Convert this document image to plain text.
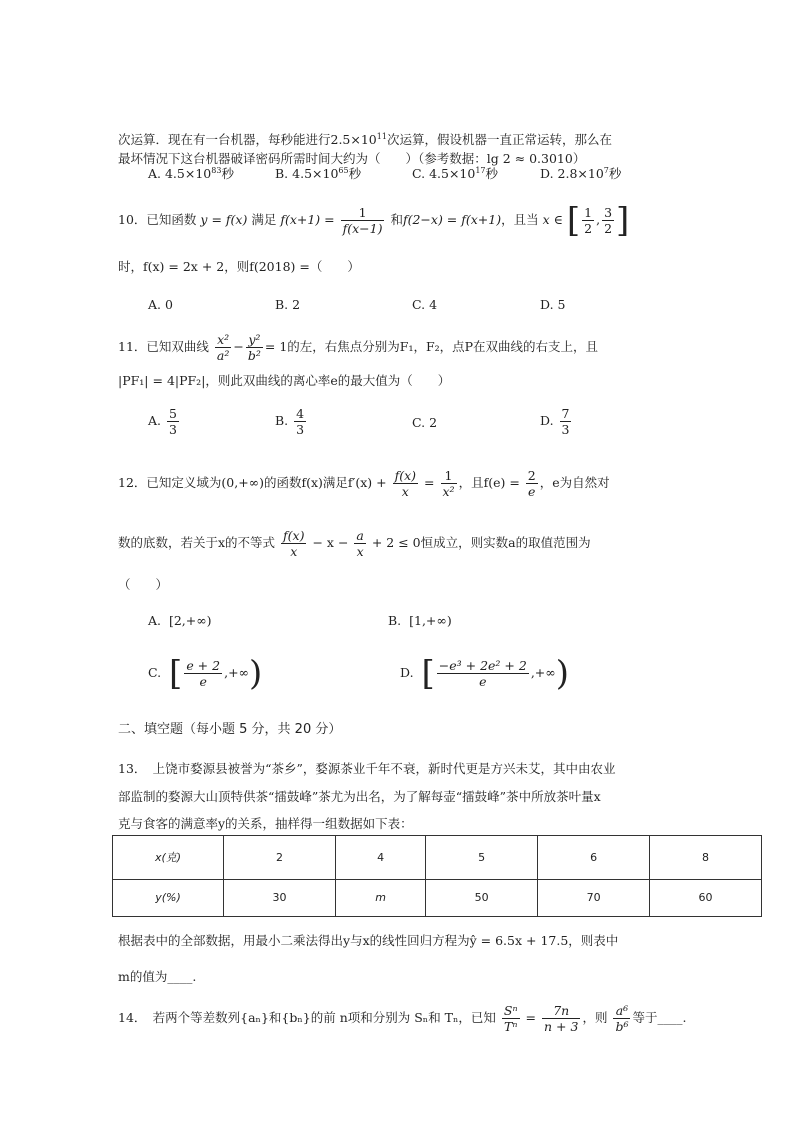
次运算．现在有一台机器，每秒能进行$2.5\times 10^{11}$次运算，假设机器一直正常运转，那么在
最坏情况下这台机器破译密码所需时间大约为（　　）（参考数据：lg 2 ≈ 0.3010）
A. $4.5\times 10^{83}$秒	B. $4.5\times 10^{65}$秒	C. $4.5\times 10^{17}$秒	D. $2.8\times 10^7$秒
10．已知函数 y = f(x) 满足 $f(x+1) = \frac{1}{f(x-1)}$ 和f(2−x) = f(x+1)，且当 x ∈ [ $\frac{1}{2}$ , $\frac{3}{2}$ ]
时，f(x) = 2x + 2，则f(2018) =（　　）
A. 0	B. 2	C. 4	D. 5
11．已知双曲线 $\frac{\text{x²}}{\text{a²}} - \frac{\text{y²}}{\text{b²}} = 1$的左，右焦点分别为F₁，F₂，点P在双曲线的右支上，且
|PF₁| = 4|PF₂|，则此双曲线的离心率e的最大值为（　　）
A. $\frac{5}{3}$	B. $\frac{4}{3}$	C. 2	D. $\frac{7}{3}$
12．已知定义域为(0,+∞)的函数f(x)满足$f'(x) + \frac{f(x)}{x} = \frac{1}{\text{x²}}$ ，且$f(e) = \frac{2}{e}$ ，e为自然对
数的底数，若关于x的不等式 $\frac{f(x)}{x} - x - \frac{a}{x} + 2 \le 0$恒成立，则实数a的取值范围为
（　　）
A. [2,+∞)	B. [1,+∞)
C. [ $\frac{e + 2}{e}$ ,+∞)	D. [ $\frac{\text{−e³ + 2e² + 2}}{e}$ ,+∞)
二、填空题（每小题 5 分，共 20 分）
13．　上饶市婺源县被誉为“茶乡”，婺源茶业千年不衰，新时代更是方兴未艾，其中由农业
部监制的婺源大山顶特供茶“擂鼓峰”茶尤为出名，为了解每壶“擂鼓峰”茶中所放茶叶量x
克与食客的满意率y的关系，抽样得一组数据如下表：
x(克)	2	4	5	6	8
y(%)	30	m	50	70	60
根据表中的全部数据，用最小二乘法得出y与x的线性回归方程为ŷ = 6.5x + 17.5，则表中
m的值为____.
14．　若两个等差数列{aₙ}和{bₙ}的前 n项和分别为 Sₙ和 Tₙ，已知 $\frac{\text{Sⁿ}}{\text{Tⁿ}} = \frac{7n}{n + 3}$ ，则 $\frac{\text{a⁶}}{\text{b⁶}}$ 等于____.
